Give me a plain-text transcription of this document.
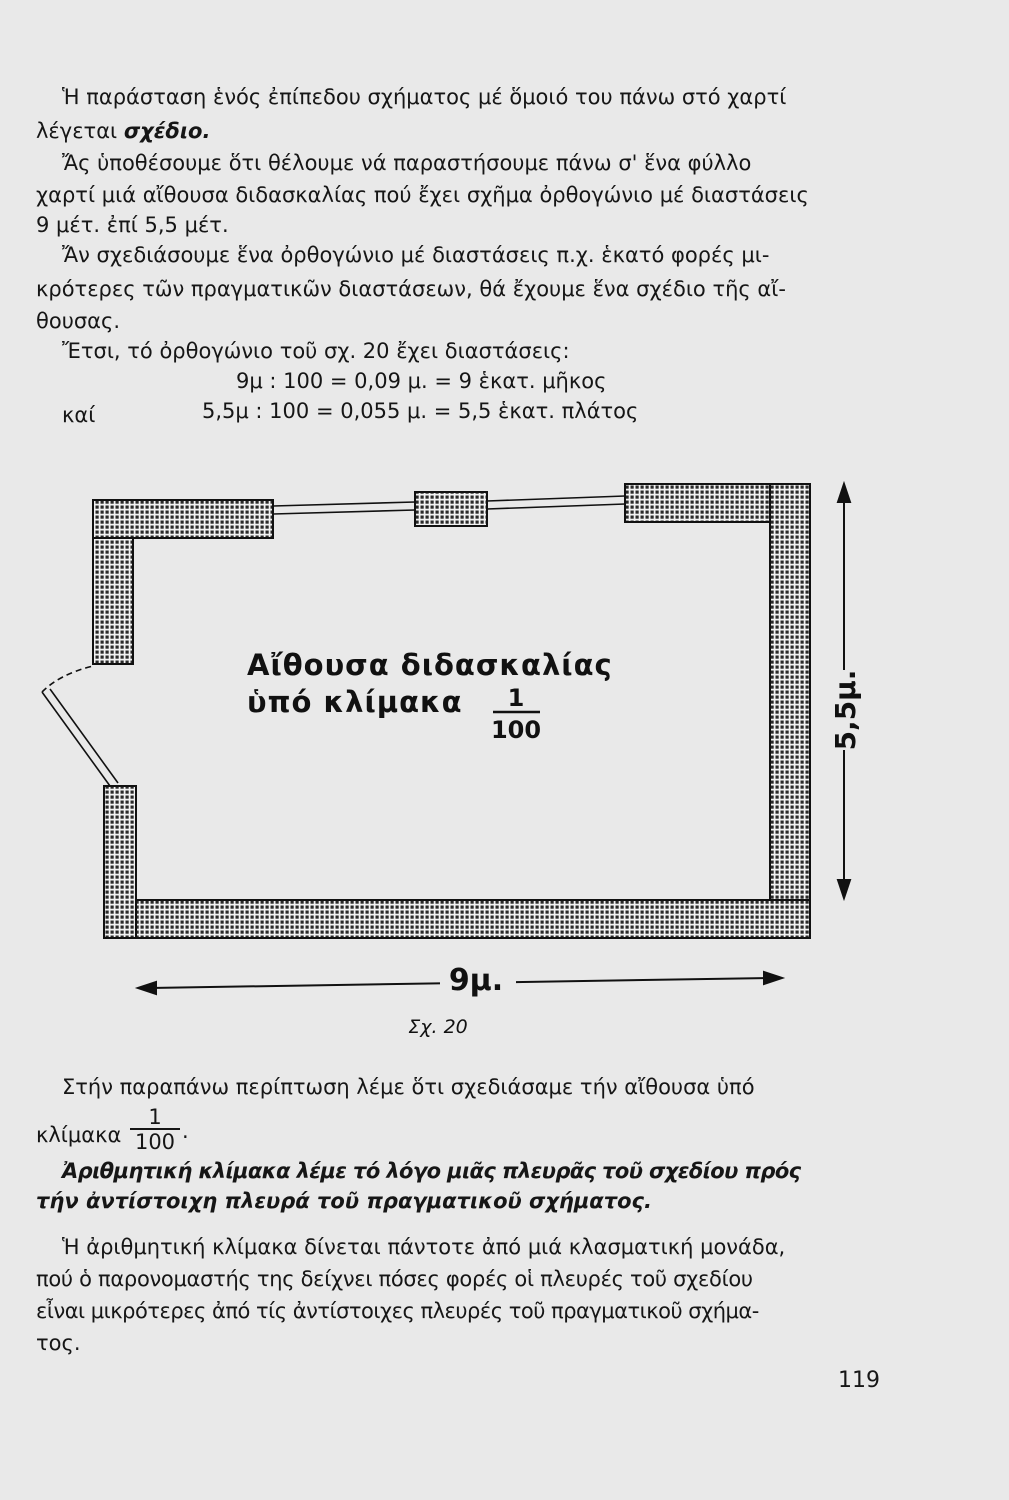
Ἡ παράσταση ἑνός ἐπίπεδου σχήματος μέ ὅμοιό του πάνω στό χαρτί
λέγεται σχέδιο.
Ἄς ὑποθέσουμε ὅτι θέλουμε νά παραστήσουμε πάνω σ' ἕνα φύλλο
χαρτί μιά αἴθουσα διδασκαλίας πού ἔχει σχῆμα ὀρθογώνιο μέ διαστάσεις
9 μέτ. ἐπί 5,5 μέτ.
Ἄν σχεδιάσουμε ἕνα ὀρθογώνιο μέ διαστάσεις π.χ. ἑκατό φορές μι-
κρότερες τῶν πραγματικῶν διαστάσεων, θά ἔχουμε ἕνα σχέδιο τῆς αἴ-
θουσας.
Ἔτσι, τό ὀρθογώνιο τοῦ σχ. 20 ἔχει διαστάσεις:
9μ : 100 = 0,09 μ. = 9 ἑκατ. μῆκος
καί	5,5μ : 100 = 0,055 μ. = 5,5 ἑκατ. πλάτος
Αἴθουσα διδασκαλίας
ὑπό κλίμακα 1
100	5,5μ.
9μ.
Σχ. 20
Στήν παραπάνω περίπτωση λέμε ὅτι σχεδιάσαμε τήν αἴθουσα ὑπό
κλίμακα $\frac{1}{100}$ .
Ἀριθμητική κλίμακα λέμε τό λόγο μιᾶς πλευρᾶς τοῦ σχεδίου πρός
τήν ἀντίστοιχη πλευρά τοῦ πραγματικοῦ σχήματος.
Ἡ ἀριθμητική κλίμακα δίνεται πάντοτε ἀπό μιά κλασματική μονάδα,
πού ὁ παρονομαστής της δείχνει πόσες φορές οἱ πλευρές τοῦ σχεδίου
εἶναι μικρότερες ἀπό τίς ἀντίστοιχες πλευρές τοῦ πραγματικοῦ σχήμα-
τος.
119
